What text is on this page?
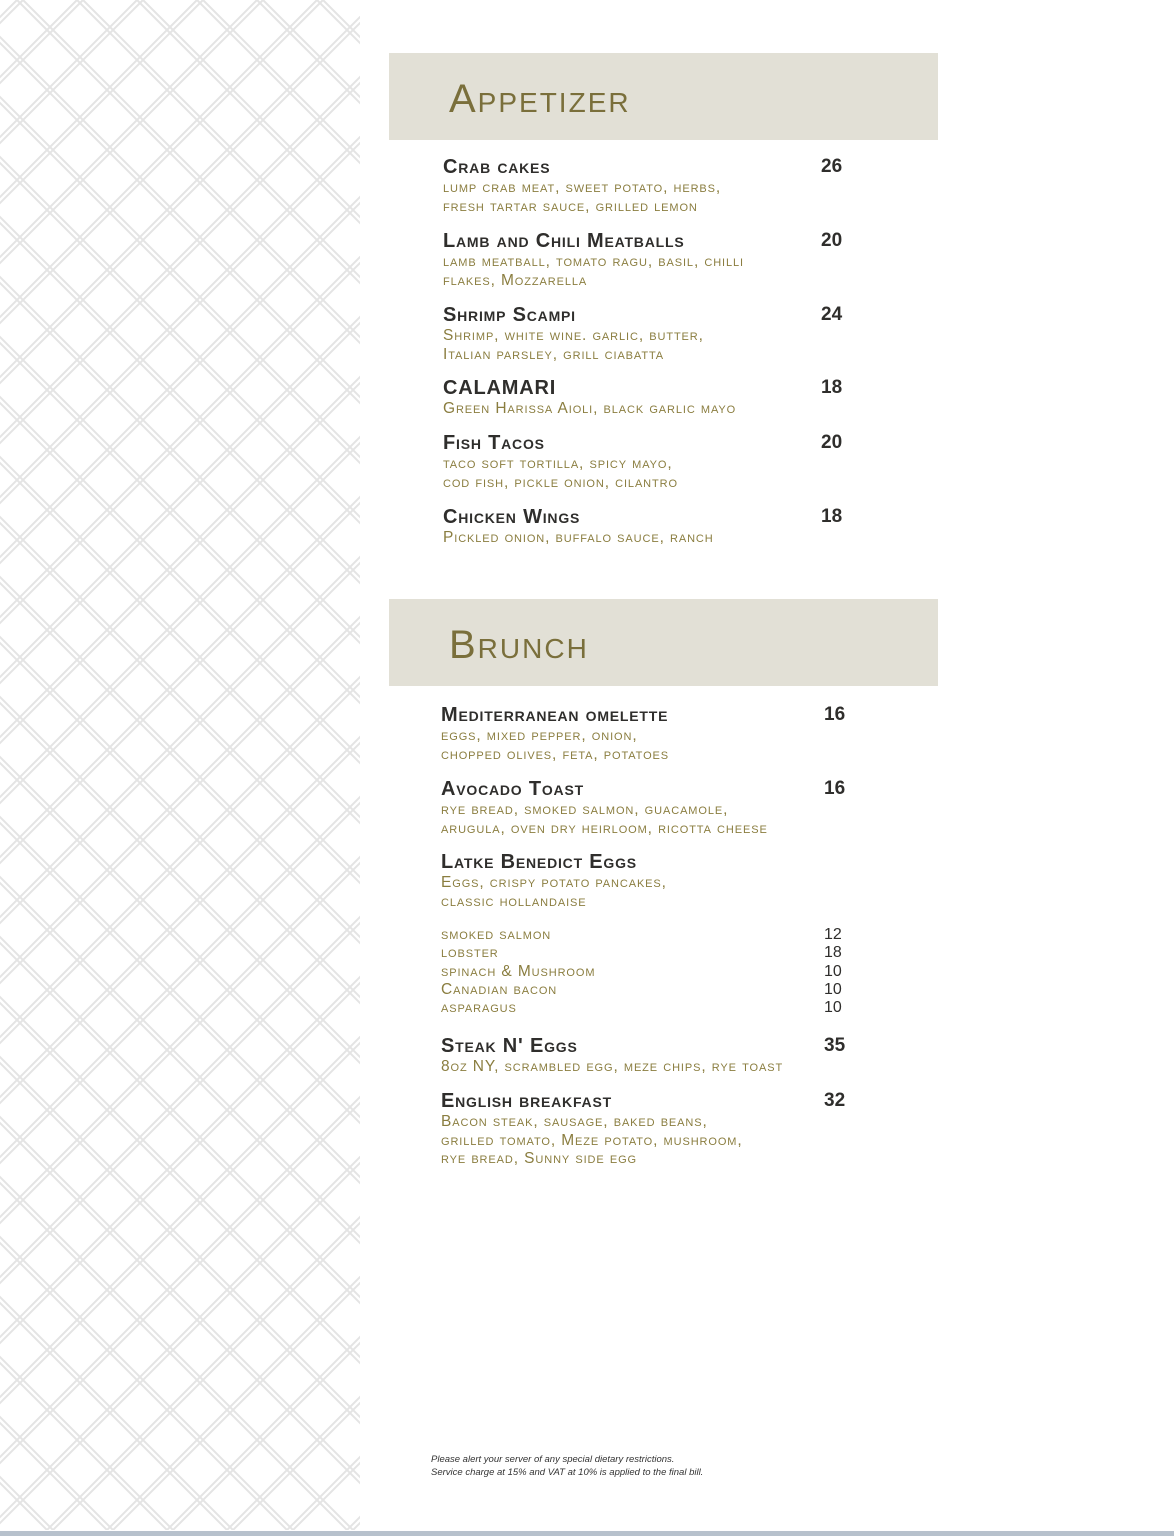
Appetizer
Brunch
Crab cakes
lump crab meat, sweet potato, herbs,
fresh tartar sauce, grilled lemon
26
Lamb and Chili Meatballs
lamb meatball, tomato ragu, basil, chilli
flakes, Mozzarella
20
Shrimp Scampi
Shrimp, white wine. garlic, butter,
Italian parsley, grill ciabatta
24
CALAMARI
Green Harissa Aioli, black garlic mayo
18
Fish Tacos
taco soft tortilla, spicy mayo,
cod fish, pickle onion, cilantro
20
Chicken Wings
Pickled onion, buffalo sauce, ranch
18
Mediterranean omelette
eggs, mixed pepper, onion,
chopped olives, feta, potatoes
16
Avocado Toast
rye bread, smoked salmon, guacamole,
arugula, oven dry heirloom, ricotta cheese
16
Latke Benedict Eggs
Eggs, crispy potato pancakes,
classic hollandaise
Steak N' Eggs
8oz NY, scrambled egg, meze chips, rye toast
35
English breakfast
Bacon steak, sausage, baked beans,
grilled tomato, Meze potato, mushroom,
rye bread, Sunny side egg
32
smoked salmon	12
lobster	18
spinach & Mushroom	10
Canadian bacon	10
asparagus	10
Please alert your server of any special dietary restrictions.
Service charge at 15% and VAT at 10% is applied to the final bill.
